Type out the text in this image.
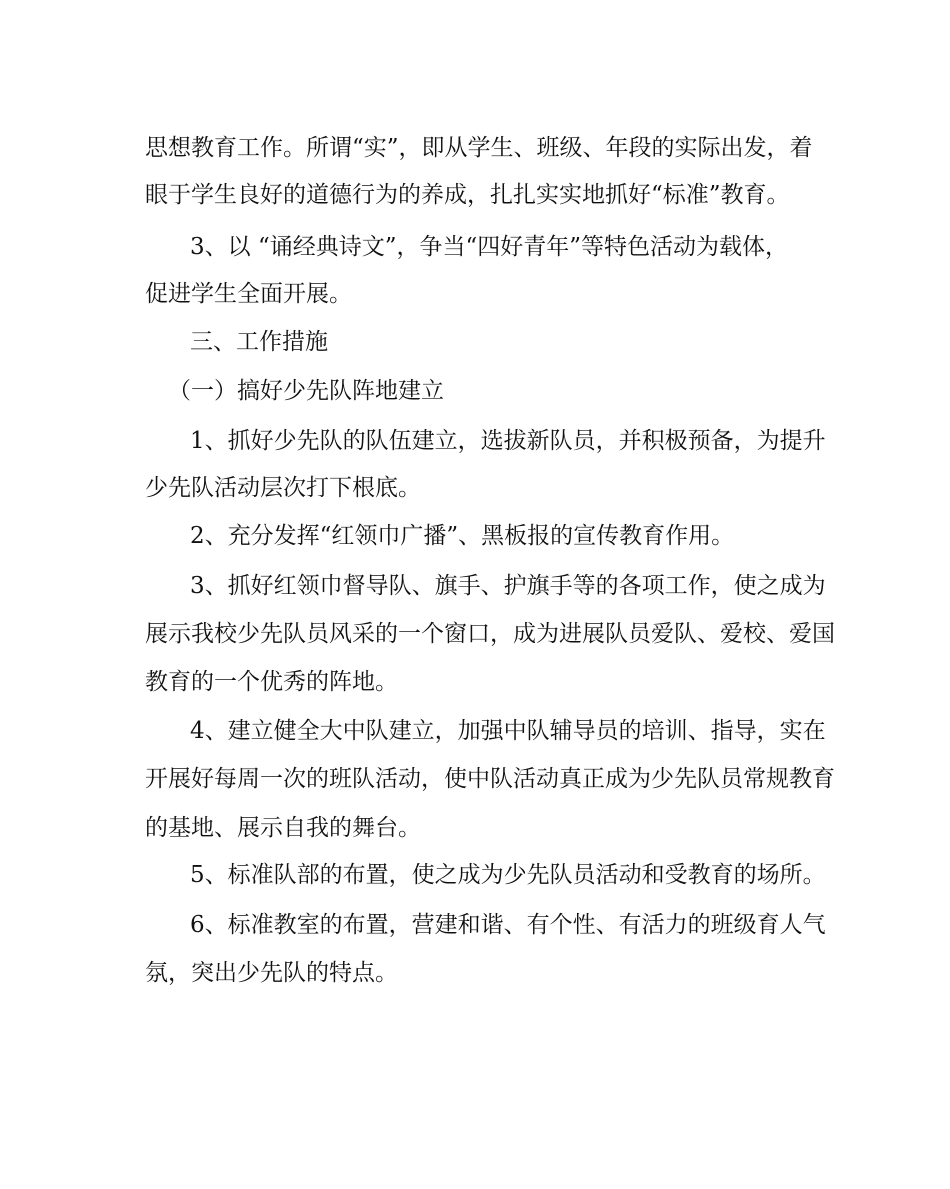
思想教育工作。所谓“实”，即从学生、班级、年段的实际出发，着

眼于学生良好的道德行为的养成，扎扎实实地抓好“标准”教育。

3、以 “诵经典诗文”，争当“四好青年”等特色活动为载体，

促进学生全面开展。

三、工作措施

（一）搞好少先队阵地建立

1、抓好少先队的队伍建立，选拔新队员，并积极预备，为提升

少先队活动层次打下根底。

2、充分发挥“红领巾广播”、黑板报的宣传教育作用。

3、抓好红领巾督导队、旗手、护旗手等的各项工作，使之成为

展示我校少先队员风采的一个窗口，成为进展队员爱队、爱校、爱国

教育的一个优秀的阵地。

4、建立健全大中队建立，加强中队辅导员的培训、指导，实在

开展好每周一次的班队活动，使中队活动真正成为少先队员常规教育

的基地、展示自我的舞台。

5、标准队部的布置，使之成为少先队员活动和受教育的场所。

6、标准教室的布置，营建和谐、有个性、有活力的班级育人气

氛，突出少先队的特点。
